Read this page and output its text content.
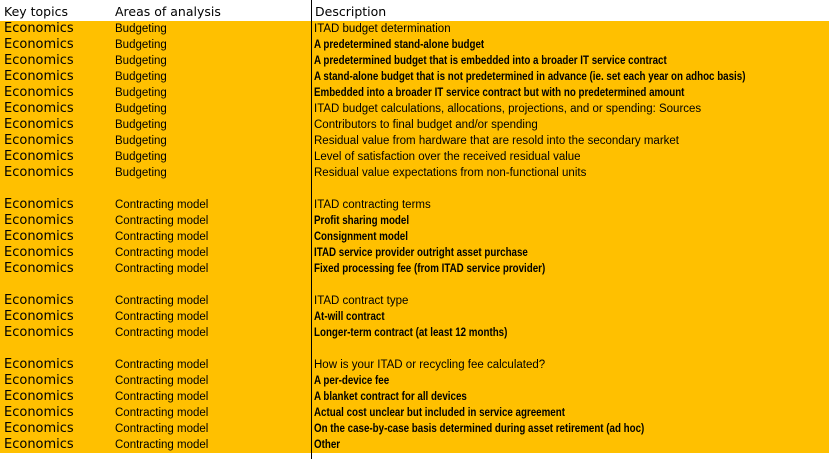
Key topics	Areas of analysis	Description
Economics	Budgeting	ITAD budget determination
Economics	Budgeting	A predetermined stand-alone budget
Economics	Budgeting	A predetermined budget that is embedded into a broader IT service contract
Economics	Budgeting	A stand-alone budget that is not predetermined in advance (ie. set each year on adhoc basis)
Economics	Budgeting	Embedded into a broader IT service contract but with no predetermined amount
Economics	Budgeting	ITAD budget calculations, allocations, projections, and or spending: Sources
Economics	Budgeting	Contributors to final budget and/or spending
Economics	Budgeting	Residual value from hardware that are resold into the secondary market
Economics	Budgeting	Level of satisfaction over the received residual value
Economics	Budgeting	Residual value expectations from non-functional units
Economics	Contracting model	ITAD contracting terms
Economics	Contracting model	Profit sharing model
Economics	Contracting model	Consignment model
Economics	Contracting model	ITAD service provider outright asset purchase
Economics	Contracting model	Fixed processing fee (from ITAD service provider)
Economics	Contracting model	ITAD contract type
Economics	Contracting model	At-will contract
Economics	Contracting model	Longer-term contract (at least 12 months)
Economics	Contracting model	How is your ITAD or recycling fee calculated?
Economics	Contracting model	A per-device fee
Economics	Contracting model	A blanket contract for all devices
Economics	Contracting model	Actual cost unclear but included in service agreement
Economics	Contracting model	On the case-by-case basis determined during asset retirement (ad hoc)
Economics	Contracting model	Other
